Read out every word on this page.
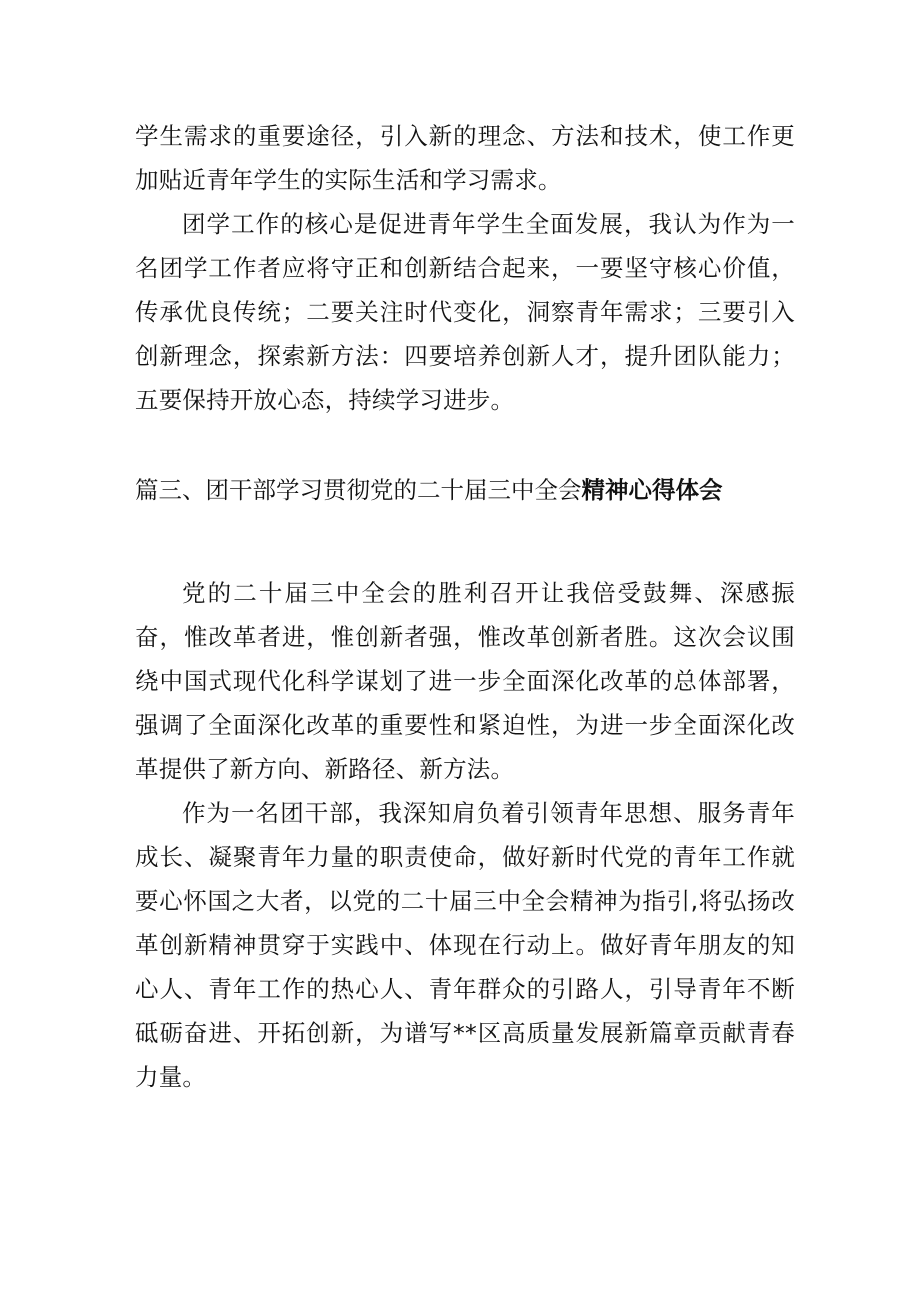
学生需求的重要途径，引入新的理念、方法和技术，使工作更加贴近青年学生的实际生活和学习需求。

团学工作的核心是促进青年学生全面发展，我认为作为一名团学工作者应将守正和创新结合起来，一要坚守核心价值，传承优良传统；二要关注时代变化，洞察青年需求；三要引入创新理念，探索新方法：四要培养创新人才，提升团队能力；五要保持开放心态，持续学习进步。

篇三、团干部学习贯彻党的二十届三中全会精神心得体会

党的二十届三中全会的胜利召开让我倍受鼓舞、深感振奋，惟改革者进，惟创新者强，惟改革创新者胜。这次会议围绕中国式现代化科学谋划了进一步全面深化改革的总体部署，强调了全面深化改革的重要性和紧迫性，为进一步全面深化改革提供了新方向、新路径、新方法。

作为一名团干部，我深知肩负着引领青年思想、服务青年成长、凝聚青年力量的职责使命，做好新时代党的青年工作就要心怀国之大者，以党的二十届三中全会精神为指引,将弘扬改革创新精神贯穿于实践中、体现在行动上。做好青年朋友的知心人、青年工作的热心人、青年群众的引路人，引导青年不断砥砺奋进、开拓创新，为谱写**区高质量发展新篇章贡献青春力量。
